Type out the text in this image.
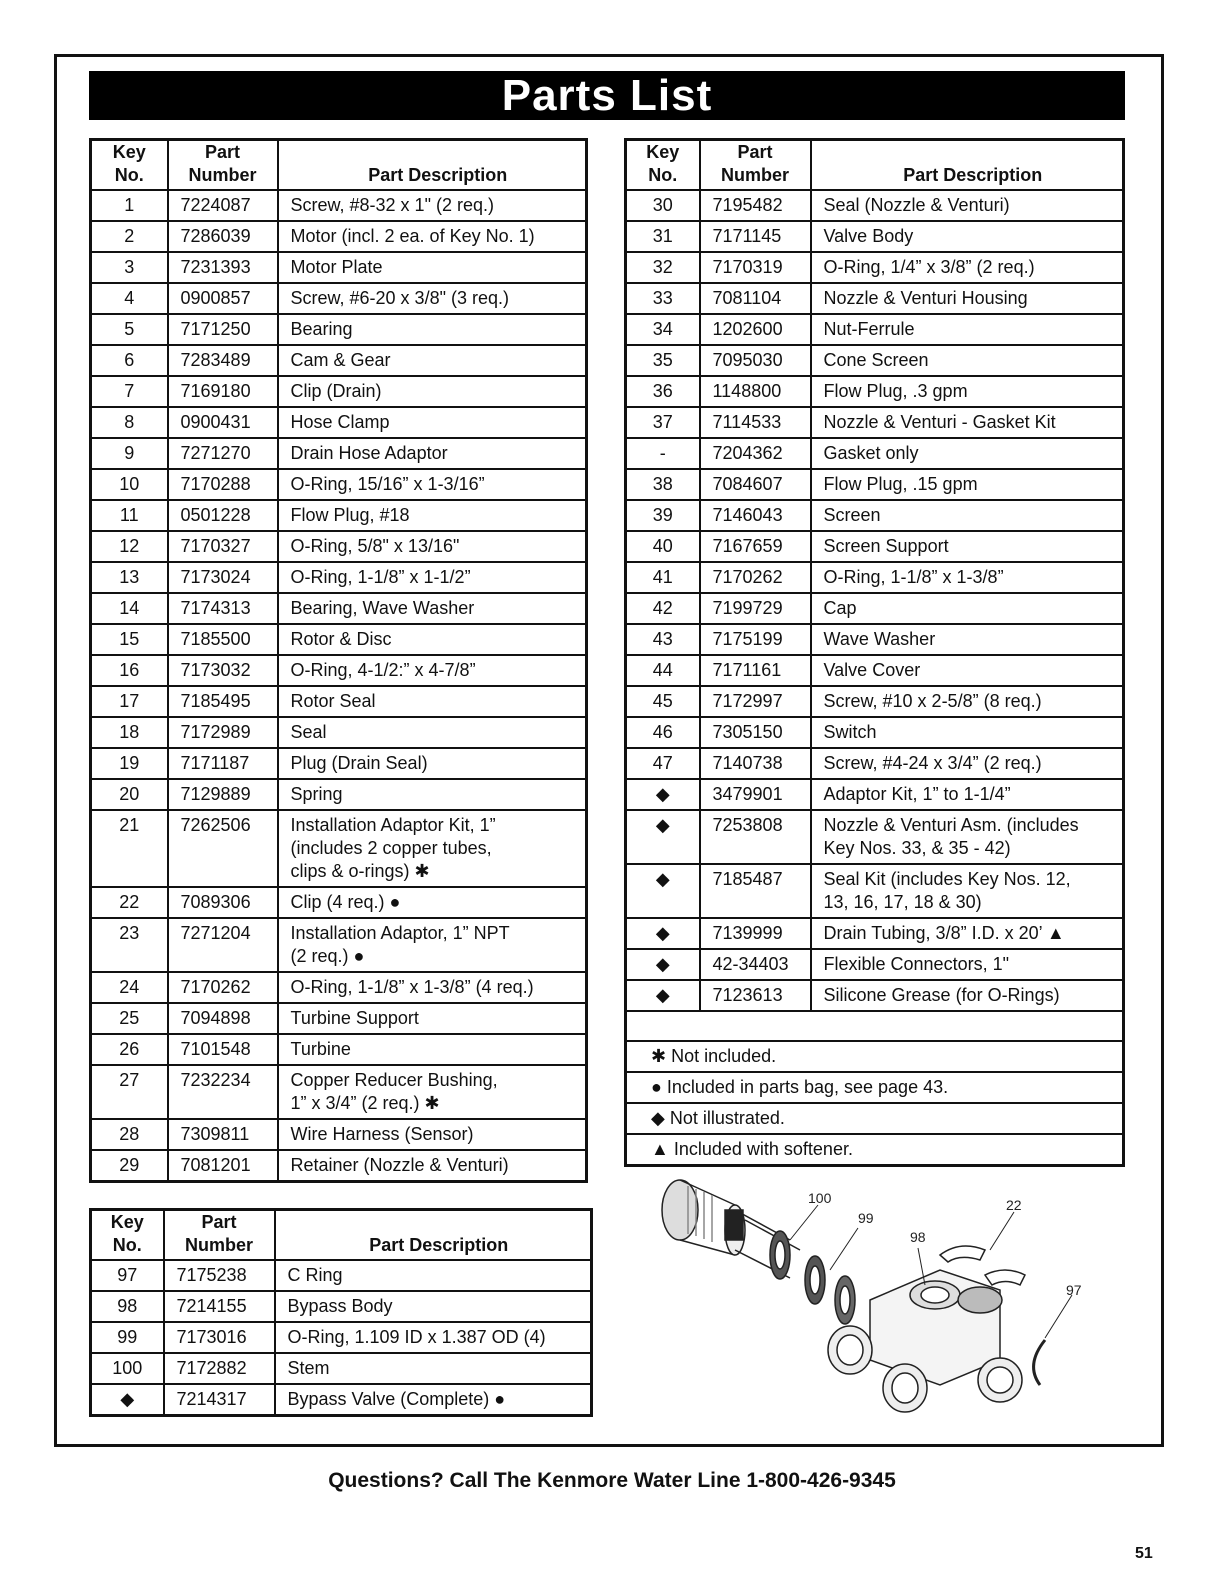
Parts List
Key
No.	Part
Number	Part Description
1	7224087	Screw, #8-32 x 1" (2 req.)

2	7286039	Motor (incl. 2 ea. of Key No. 1)

3	7231393	Motor Plate

4	0900857	Screw, #6-20 x 3/8" (3 req.)

5	7171250	Bearing

6	7283489	Cam & Gear

7	7169180	Clip (Drain)

8	0900431	Hose Clamp

9	7271270	Drain Hose Adaptor

10	7170288	O-Ring, 15/16” x 1-3/16”

11	0501228	Flow Plug, #18

12	7170327	O-Ring, 5/8" x 13/16"

13	7173024	O-Ring, 1-1/8” x 1-1/2”

14	7174313	Bearing, Wave Washer

15	7185500	Rotor & Disc

16	7173032	O-Ring, 4-1/2:” x 4-7/8”

17	7185495	Rotor Seal

18	7172989	Seal

19	7171187	Plug (Drain Seal)

20	7129889	Spring

21	7262506	Installation Adaptor Kit, 1”
(includes 2 copper tubes,
clips & o-rings) ✱

22	7089306	Clip (4 req.) ●

23	7271204	Installation Adaptor, 1” NPT
(2 req.) ●

24	7170262	O-Ring, 1-1/8” x 1-3/8” (4 req.)

25	7094898	Turbine Support

26	7101548	Turbine

27	7232234	Copper Reducer Bushing,
1” x 3/4” (2 req.) ✱

28	7309811	Wire Harness (Sensor)

29	7081201	Retainer (Nozzle & Venturi)
Key
No.	Part
Number	Part Description
30	7195482	Seal (Nozzle & Venturi)

31	7171145	Valve Body

32	7170319	O-Ring, 1/4” x 3/8” (2 req.)

33	7081104	Nozzle & Venturi Housing

34	1202600	Nut-Ferrule

35	7095030	Cone Screen

36	1148800	Flow Plug, .3 gpm

37	7114533	Nozzle & Venturi - Gasket Kit

-	7204362	Gasket only

38	7084607	Flow Plug, .15 gpm

39	7146043	Screen

40	7167659	Screen Support

41	7170262	O-Ring, 1-1/8” x 1-3/8”

42	7199729	Cap

43	7175199	Wave Washer

44	7171161	Valve Cover

45	7172997	Screw, #10 x 2-5/8” (8 req.)

46	7305150	Switch

47	7140738	Screw, #4-24 x 3/4” (2 req.)

◆	3479901	Adaptor Kit, 1” to 1-1/4”

◆	7253808	Nozzle & Venturi Asm. (includes
Key Nos. 33, & 35 - 42)

◆	7185487	Seal Kit (includes Key Nos. 12,
13, 16, 17, 18 & 30)

◆	7139999	Drain Tubing, 3/8” I.D. x 20’ ▲

◆	42-34403	Flexible Connectors, 1"

◆	7123613	Silicone Grease (for O-Rings)

✱ Not included.		
● Included in parts bag, see page 43.		
◆ Not illustrated.		
▲ Included with softener.		
Key
No.	Part
Number	Part Description
97	7175238	C Ring

98	7214155	Bypass Body

99	7173016	O-Ring, 1.109 ID x 1.387 OD (4)

100	7172882	Stem

◆	7214317	Bypass Valve (Complete) ●
100
99
98
22
97
Questions? Call The Kenmore Water Line 1-800-426-9345
51
